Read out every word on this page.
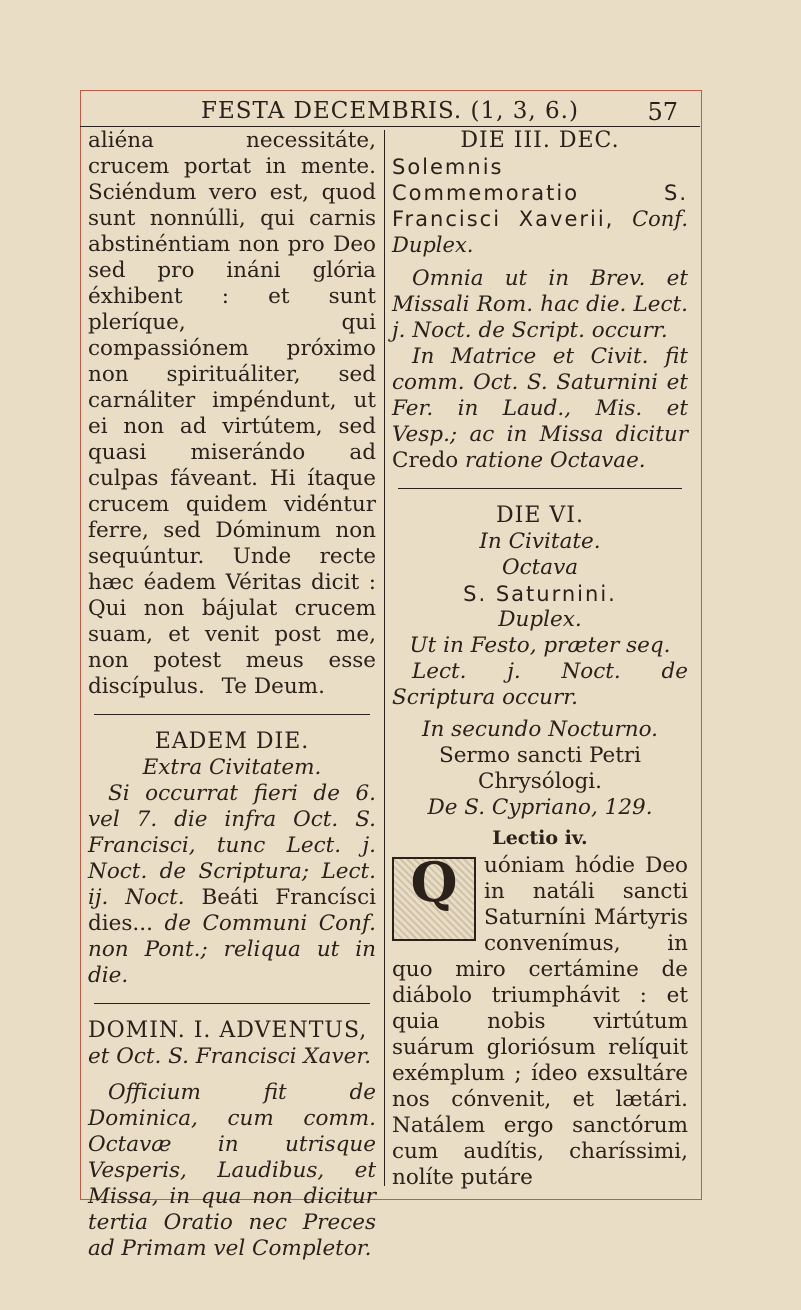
FESTA DECEMBRIS. (1, 3, 6.)	57

aliéna necessitáte, crucem portat in mente. Sciéndum vero est, quod sunt nonnúlli, qui carnis abstinéntiam non pro Deo sed pro ináni glória éxhibent : et sunt pleríque, qui compassiónem próximo non spirituáliter, sed carnáliter impéndunt, ut ei non ad virtútem, sed quasi miserándo ad culpas fáveant. Hi ítaque crucem quidem vidéntur ferre, sed Dóminum non sequúntur. Unde recte hæc éadem Véritas dicit : Qui non bájulat crucem suam, et venit post me, non potest meus esse discípulus. Te Deum.

EADEM DIE.

Extra Civitatem.

Si occurrat fieri de 6. vel 7. die infra Oct. S. Francisci, tunc Lect. j. Noct. de Scriptura; Lect. ij. Noct. Beáti Francísci dies... de Communi Conf. non Pont.; reliqua ut in die.

DOMIN. I. ADVENTUS,

et Oct. S. Francisci Xaver.

Officium fit de Dominica, cum comm. Octavæ in utrisque Vesperis, Laudibus, et Missa, in qua non dicitur tertia Oratio nec Preces ad Primam vel Completor.

DIE III. DEC.

Solemnis Commemoratio S. Francisci Xaverii, Conf. Duplex.

Omnia ut in Brev. et Missali Rom. hac die. Lect. j. Noct. de Script. occurr.

In Matrice et Civit. fit comm. Oct. S. Saturnini et Fer. in Laud., Mis. et Vesp.; ac in Missa dicitur Credo ratione Octavae.

DIE VI.

In Civitate.

Octava

S. Saturnini.

Duplex.

Ut in Festo, præter seq.

Lect. j. Noct. de Scriptura occurr.

In secundo Nocturno.

Sermo sancti Petri Chrysólogi.

De S. Cypriano, 129.

Lectio iv.

Q	uóniam hódie Deo in natáli sancti Saturníni Mártyris convenímus, in quo miro certámine de diábolo triumphávit : et quia nobis virtútum suárum gloriósum relíquit exémplum ; ídeo exsultáre nos cónvenit, et lætári. Natálem ergo sanctórum cum audítis, charíssimi, nolíte putáre
